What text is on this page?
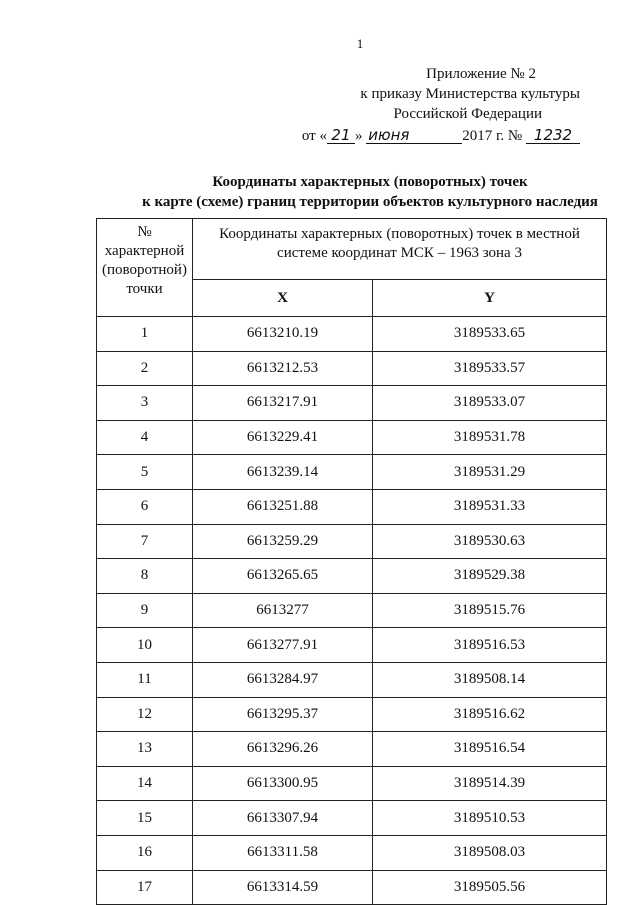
1
Приложение № 2
к приказу Министерства культуры
Российской Федерации
от « 21 » июня	2017 г. № 1232
Координаты характерных (поворотных) точек
к карте (схеме) границ территории объектов культурного наследия
№ характерной (поворотной) точки	Координаты характерных (поворотных) точек в местной системе координат МСК – 1963 зона 3	
	X	Y
1	6613210.19	3189533.65
2	6613212.53	3189533.57
3	6613217.91	3189533.07
4	6613229.41	3189531.78
5	6613239.14	3189531.29
6	6613251.88	3189531.33
7	6613259.29	3189530.63
8	6613265.65	3189529.38
9	6613277	3189515.76
10	6613277.91	3189516.53
11	6613284.97	3189508.14
12	6613295.37	3189516.62
13	6613296.26	3189516.54
14	6613300.95	3189514.39
15	6613307.94	3189510.53
16	6613311.58	3189508.03
17	6613314.59	3189505.56
